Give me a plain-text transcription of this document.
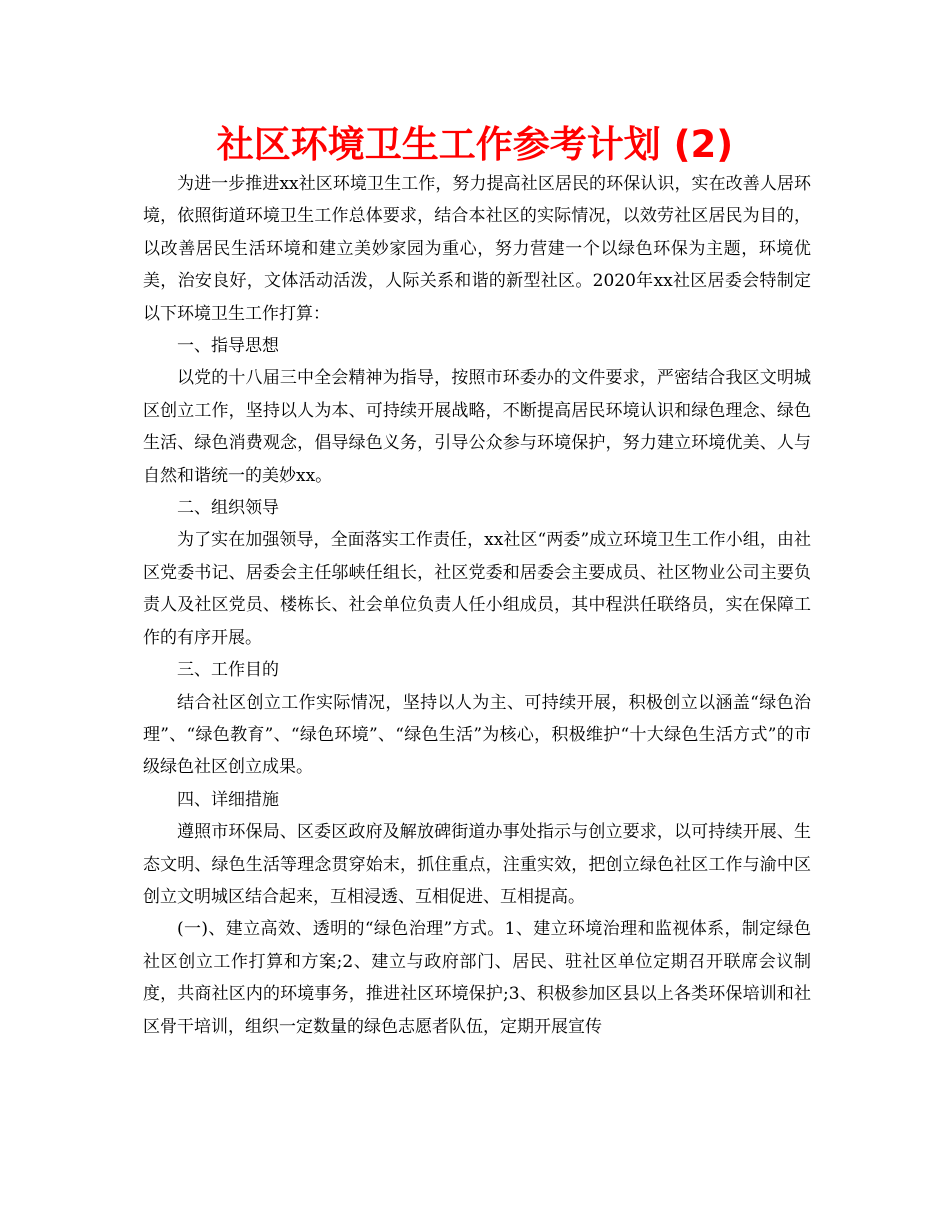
社区环境卫生工作参考计划 (2)

为进一步推进xx社区环境卫生工作，努力提高社区居民的环保认识，实在改善人居环境，依照街道环境卫生工作总体要求，结合本社区的实际情况，以效劳社区居民为目的，以改善居民生活环境和建立美妙家园为重心，努力营建一个以绿色环保为主题，环境优美，治安良好，文体活动活泼，人际关系和谐的新型社区。2020年xx社区居委会特制定以下环境卫生工作打算：

一、指导思想

以党的十八届三中全会精神为指导，按照市环委办的文件要求，严密结合我区文明城区创立工作，坚持以人为本、可持续开展战略，不断提高居民环境认识和绿色理念、绿色生活、绿色消费观念，倡导绿色义务，引导公众参与环境保护，努力建立环境优美、人与自然和谐统一的美妙xx。

二、组织领导

为了实在加强领导，全面落实工作责任，xx社区“两委”成立环境卫生工作小组，由社区党委书记、居委会主任邬峡任组长，社区党委和居委会主要成员、社区物业公司主要负责人及社区党员、楼栋长、社会单位负责人任小组成员，其中程洪任联络员，实在保障工作的有序开展。

三、工作目的

结合社区创立工作实际情况，坚持以人为主、可持续开展，积极创立以涵盖“绿色治理”、“绿色教育”、“绿色环境”、“绿色生活”为核心，积极维护“十大绿色生活方式”的市级绿色社区创立成果。

四、详细措施

遵照市环保局、区委区政府及解放碑街道办事处指示与创立要求，以可持续开展、生态文明、绿色生活等理念贯穿始末，抓住重点，注重实效，把创立绿色社区工作与渝中区创立文明城区结合起来，互相浸透、互相促进、互相提高。

(一)、建立高效、透明的“绿色治理”方式。1、建立环境治理和监视体系，制定绿色社区创立工作打算和方案;2、建立与政府部门、居民、驻社区单位定期召开联席会议制度，共商社区内的环境事务，推进社区环境保护;3、积极参加区县以上各类环保培训和社区骨干培训，组织一定数量的绿色志愿者队伍，定期开展宣传
